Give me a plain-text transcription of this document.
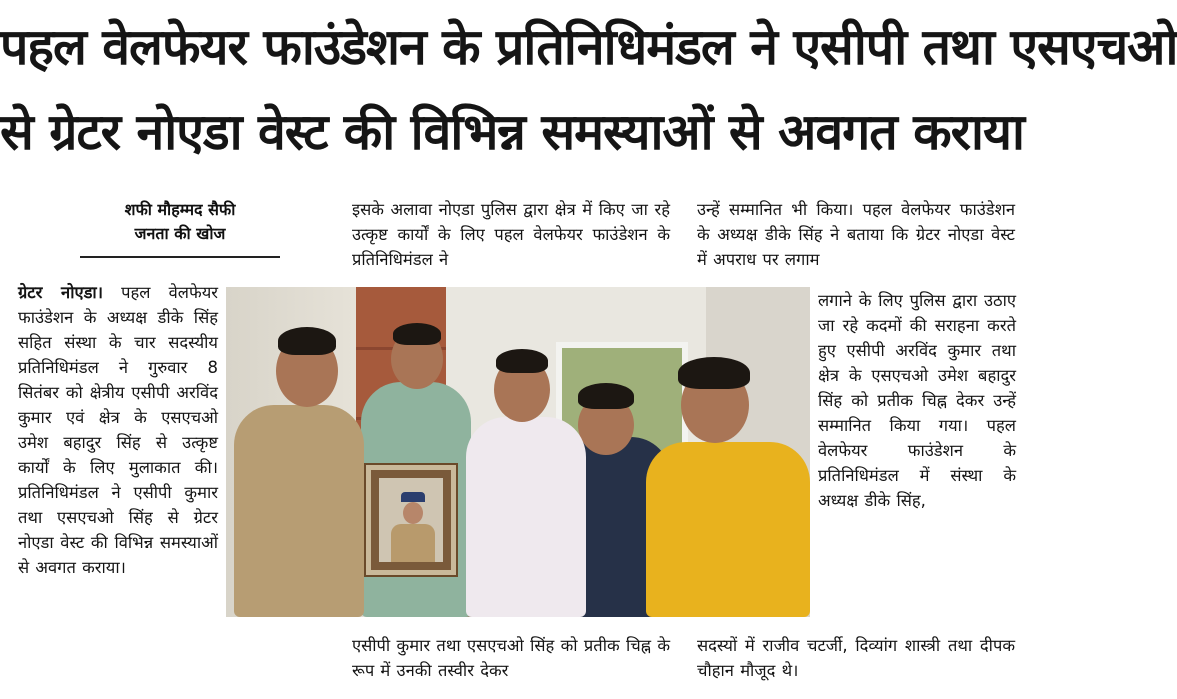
पहल वेलफेयर फाउंडेशन के प्रतिनिधिमंडल ने एसीपी तथा एसएचओ
से ग्रेटर नोएडा वेस्ट की विभिन्न समस्याओं से अवगत कराया
शफी मौहम्मद सैफी
जनता की खोज

ग्रेटर नोएडा। पहल वेलफेयर फाउंडेशन के अध्यक्ष डीके सिंह सहित संस्था के चार सदस्यीय प्रतिनिधिमंडल ने गुरुवार 8 सितंबर को क्षेत्रीय एसीपी अरविंद कुमार एवं क्षेत्र के एसएचओ उमेश बहादुर सिंह से उत्कृष्ट कार्यों के लिए मुलाकात की।प्रतिनिधिमंडल ने एसीपी कुमार तथा एसएचओ सिंह से ग्रेटर नोएडा वेस्ट की विभिन्न समस्याओं से अवगत कराया।

इसके अलावा नोएडा पुलिस द्वारा क्षेत्र में किए जा रहे उत्कृष्ट कार्यों के लिए पहल वेलफेयर फाउंडेशन के प्रतिनिधिमंडल ने
एसीपी कुमार तथा एसएचओ सिंह को प्रतीक चिह्न के रूप में उनकी तस्वीर देकर
उन्हें सम्मानित भी किया। पहल वेलफेयर फाउंडेशन के अध्यक्ष डीके सिंह ने बताया कि ग्रेटर नोएडा वेस्ट में अपराध पर लगाम
लगाने के लिए पुलिस द्वारा उठाए जा रहे कदमों की सराहना करते हुए एसीपी अरविंद कुमार तथा क्षेत्र के एसएचओ उमेश बहादुर सिंह को प्रतीक चिह्न देकर उन्हें सम्मानित किया गया। पहल वेलफेयर फाउंडेशन के प्रतिनिधिमंडल में संस्था के अध्यक्ष डीके सिंह,
सदस्यों में राजीव चटर्जी, दिव्यांग शास्त्री तथा दीपक चौहान मौजूद थे।
